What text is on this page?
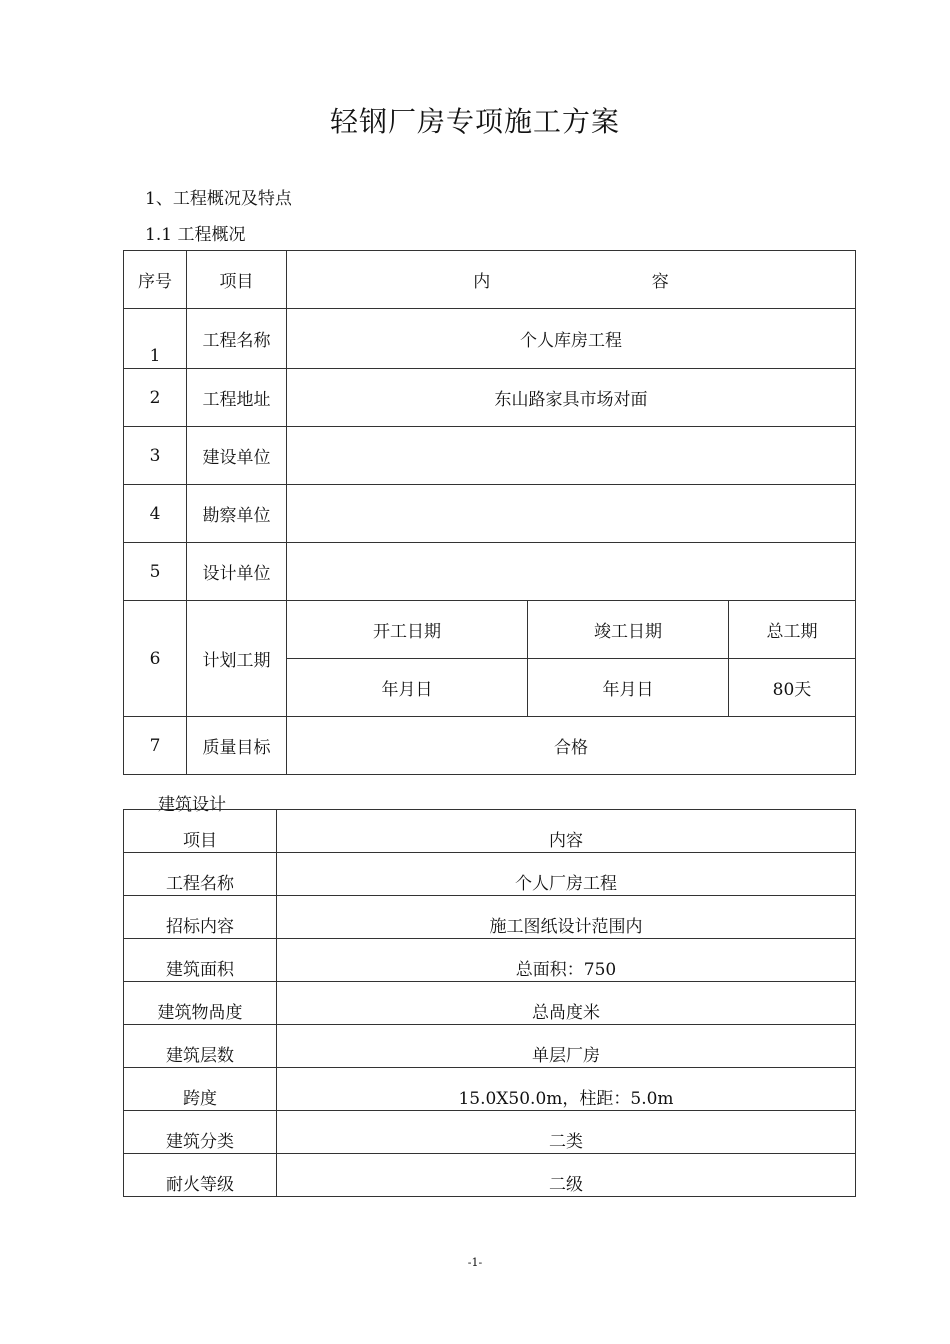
轻钢厂房专项施工方案
1、工程概况及特点
1.1 工程概况
序号	项目	内 容		
1	工程名称	个人库房工程		
2	工程地址	东山路家具市场对面		
3	建设单位			
4	勘察单位			
5	设计单位			
6	计划工期	开工日期	竣工日期	总工期
		年月日	年月日	80天
7	质量目标	合格		
建筑设计
项目	内容
工程名称	个人厂房工程
招标内容	施工图纸设计范围内
建筑面积	总面积：750
建筑物咼度	总咼度米
建筑层数	单层厂房
跨度	15.0X50.0m，柱距：5.0m
建筑分类	二类
耐火等级	二级
-1-
